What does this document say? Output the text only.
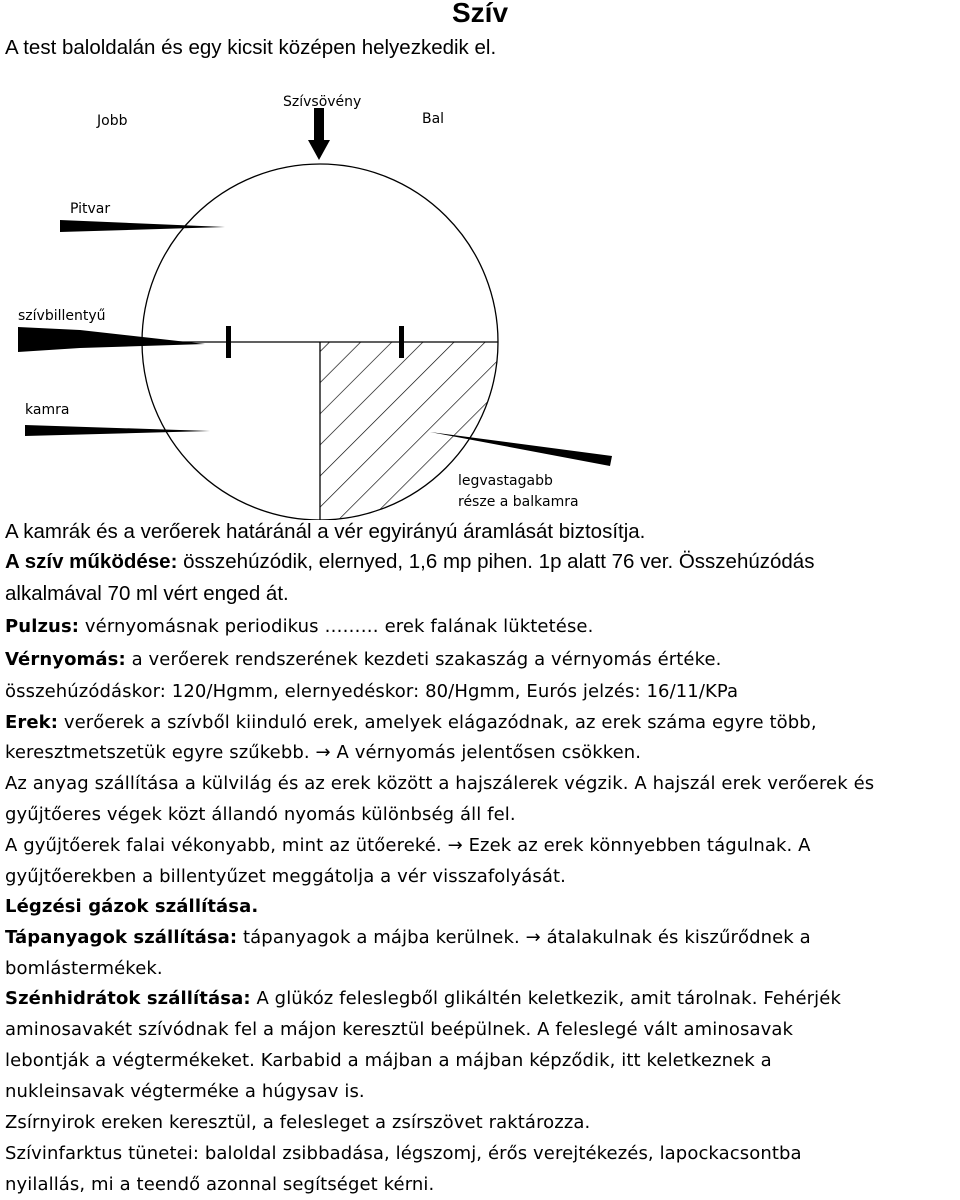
Szív
A test baloldalán és egy kicsit középen helyezkedik el.
Jobb
Szívsövény
Bal
Pitvar
szívbillentyű
kamra
legvastagabb
része a balkamra
A kamrák és a verőerek határánál a vér egyirányú áramlását biztosítja.
A szív működése: összehúzódik, elernyed, 1,6 mp pihen. 1p alatt 76 ver. Összehúzódás
alkalmával 70 ml vért enged át.
Pulzus: vérnyomásnak periodikus ……… erek falának lüktetése.
Vérnyomás: a verőerek rendszerének kezdeti szakaszág a vérnyomás értéke.
összehúzódáskor: 120/Hgmm, elernyedéskor: 80/Hgmm, Eurós jelzés: 16/11/KPa
Erek: verőerek a szívből kiinduló erek, amelyek elágazódnak, az erek száma egyre több,
keresztmetszetük egyre szűkebb. → A vérnyomás jelentősen csökken.
Az anyag szállítása a külvilág és az erek között a hajszálerek végzik. A hajszál erek verőerek és
gyűjtőeres végek közt állandó nyomás különbség áll fel.
A gyűjtőerek falai vékonyabb, mint az ütőereké. → Ezek az erek könnyebben tágulnak. A
gyűjtőerekben a billentyűzet meggátolja a vér visszafolyását.
Légzési gázok szállítása.
Tápanyagok szállítása: tápanyagok a májba kerülnek. → átalakulnak és kiszűrődnek a
bomlástermékek.
Szénhidrátok szállítása: A glükóz feleslegből glikáltén keletkezik, amit tárolnak. Fehérjék
aminosavakét szívódnak fel a májon keresztül beépülnek. A feleslegé vált aminosavak
lebontják a végtermékeket. Karbabid a májban a májban képződik, itt keletkeznek a
nukleinsavak végterméke a húgysav is.
Zsírnyirok ereken keresztül, a felesleget a zsírszövet raktározza.
Szívinfarktus tünetei: baloldal zsibbadása, légszomj, érős verejtékezés, lapockacsontba
nyilallás, mi a teendő azonnal segítséget kérni.
